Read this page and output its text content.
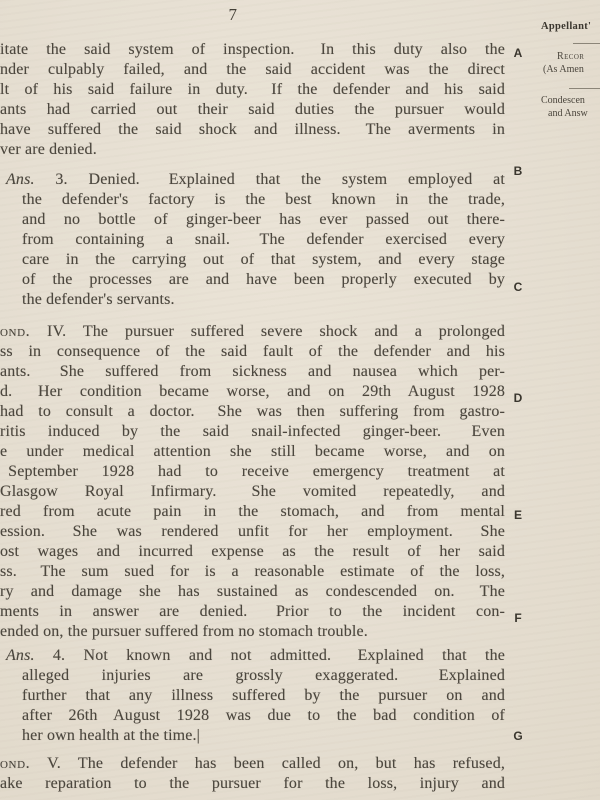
7
itate the said system of inspection.  In this duty also the
nder culpably failed, and the said accident was the direct
lt of his said failure in duty.  If the defender and his said
ants had carried out their said duties the pursuer would
have suffered the said shock and illness.  The averments in
ver are denied.
Ans. 3. Denied.  Explained that the system employed at
the defender's factory is the best known in the trade,
and no bottle of ginger-beer has ever passed out there-
from containing a snail.  The defender exercised every
care in the carrying out of that system, and every stage
of the processes are and have been properly executed by
the defender's servants.
ond. IV. The pursuer suffered severe shock and a prolonged
ss in consequence of the said fault of the defender and his
ants.  She suffered from sickness and nausea which per-
d.  Her condition became worse, and on 29th August 1928
had to consult a doctor.  She was then suffering from gastro-
ritis induced by the said snail-infected ginger-beer.  Even
e under medical attention she still became worse, and on
 September 1928 had to receive emergency treatment at
Glasgow Royal Infirmary.  She vomited repeatedly, and
red from acute pain in the stomach, and from mental
ession.  She was rendered unfit for her employment.  She
ost wages and incurred expense as the result of her said
ss.  The sum sued for is a reasonable estimate of the loss,
ry and damage she has sustained as condescended on.  The
ments in answer are denied.  Prior to the incident con-
ended on, the pursuer suffered from no stomach trouble.
Ans. 4. Not known and not admitted.  Explained that the
alleged injuries are grossly exaggerated.  Explained
further that any illness suffered by the pursuer on and
after 26th August 1928 was due to the bad condition of
her own health at the time.|
ond. V. The defender has been called on, but has refused,
ake reparation to the pursuer for the loss, injury and
A
B
C
D
E
F
G
Appellant'
Recor
(As Amen
Condescen
and Answ
